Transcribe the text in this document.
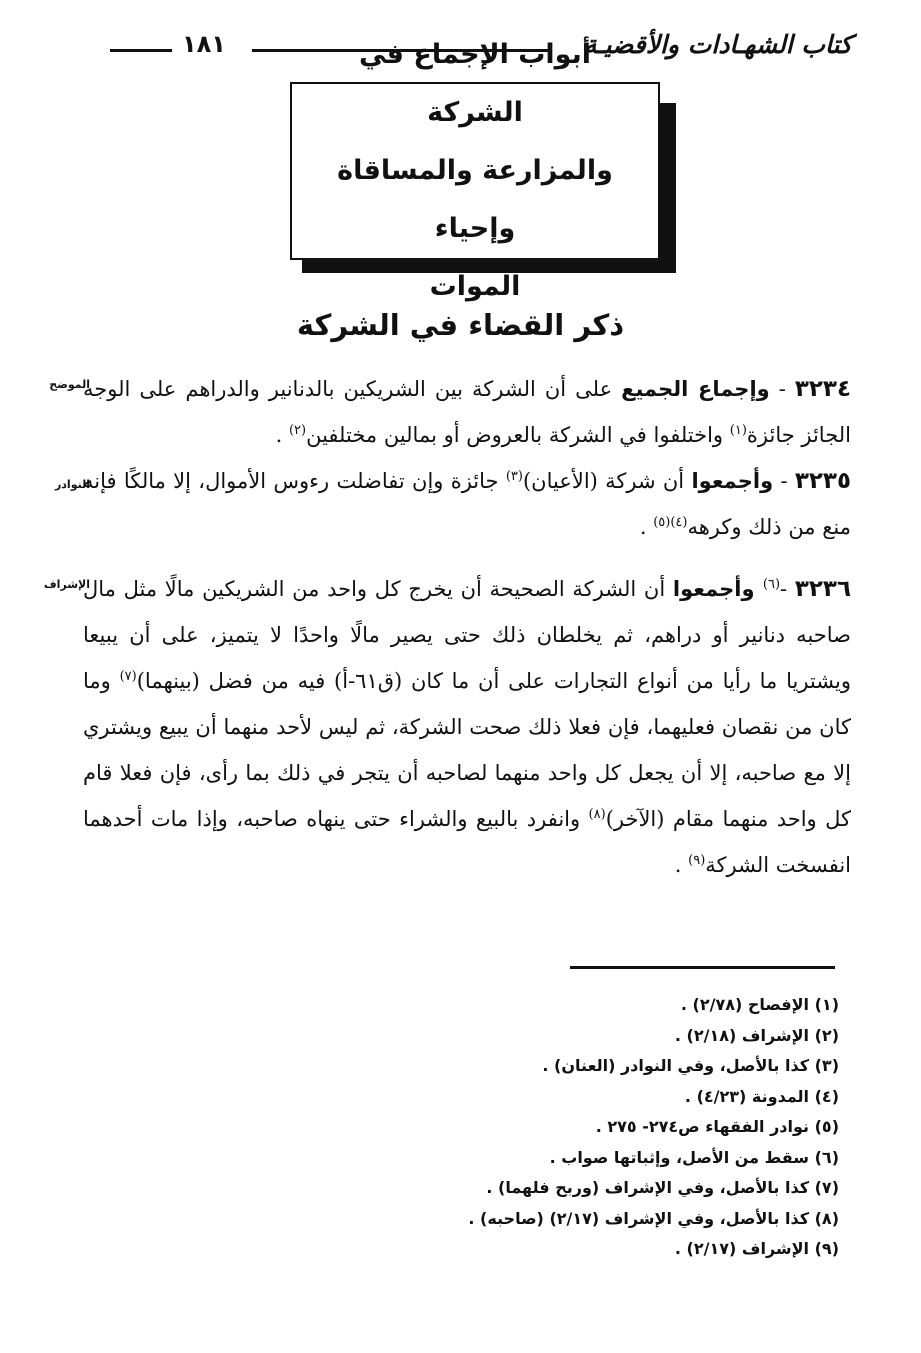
١٨١	كتاب الشهـادات والأقضيـة
أبواب الإجماع في الشركة
والمزارعة والمساقاة وإحياء
الموات
ذكر القضاء في الشركة
الموضح
النوادر
الإشراف

٣٢٣٤ - وإجماع الجميع على أن الشركة بين الشريكين بالدنانير والدراهم على الوجه الجائز جائزة$^{(١)}$ واختلفوا في الشركة بالعروض أو بمالين مختلفين$^{(٢)}$ .

٣٢٣٥ - وأجمعوا أن شركة (الأعيان)$^{(٣)}$ جائزة وإن تفاضلت رءوس الأموال، إلا مالكًا فإنه منع من ذلك وكرهه$^{(٤)(٥)}$ .

٣٢٣٦ -$^{(٦)}$ وأجمعوا أن الشركة الصحيحة أن يخرج كل واحد من الشريكين مالًا مثل مال صاحبه دنانير أو دراهم، ثم يخلطان ذلك حتى يصير مالًا واحدًا لا يتميز، على أن يبيعا ويشتريا ما رأيا من أنواع التجارات على أن ما كان (ق٦١-أ) فيه من فضل (بينهما)$^{(٧)}$ وما كان من نقصان فعليهما، فإن فعلا ذلك صحت الشركة، ثم ليس لأحد منهما أن يبيع ويشتري إلا مع صاحبه، إلا أن يجعل كل واحد منهما لصاحبه أن يتجر في ذلك بما رأى، فإن فعلا قام كل واحد منهما مقام (الآخر)$^{(٨)}$ وانفرد بالبيع والشراء حتى ينهاه صاحبه، وإذا مات أحدهما انفسخت الشركة$^{(٩)}$ .

(١) الإفصاح (٢/٧٨) .
(٢) الإشراف (٢/١٨) .
(٣) كذا بالأصل، وفي النوادر (العنان) .
(٤) المدونة (٤/٢٣) .
(٥) نوادر الفقهاء ص٢٧٤- ٢٧٥ .
(٦) سقط من الأصل، وإثباتها صواب .
(٧) كذا بالأصل، وفي الإشراف (وربح فلهما) .
(٨) كذا بالأصل، وفي الإشراف (٢/١٧) (صاحبه) .
(٩) الإشراف (٢/١٧) .
